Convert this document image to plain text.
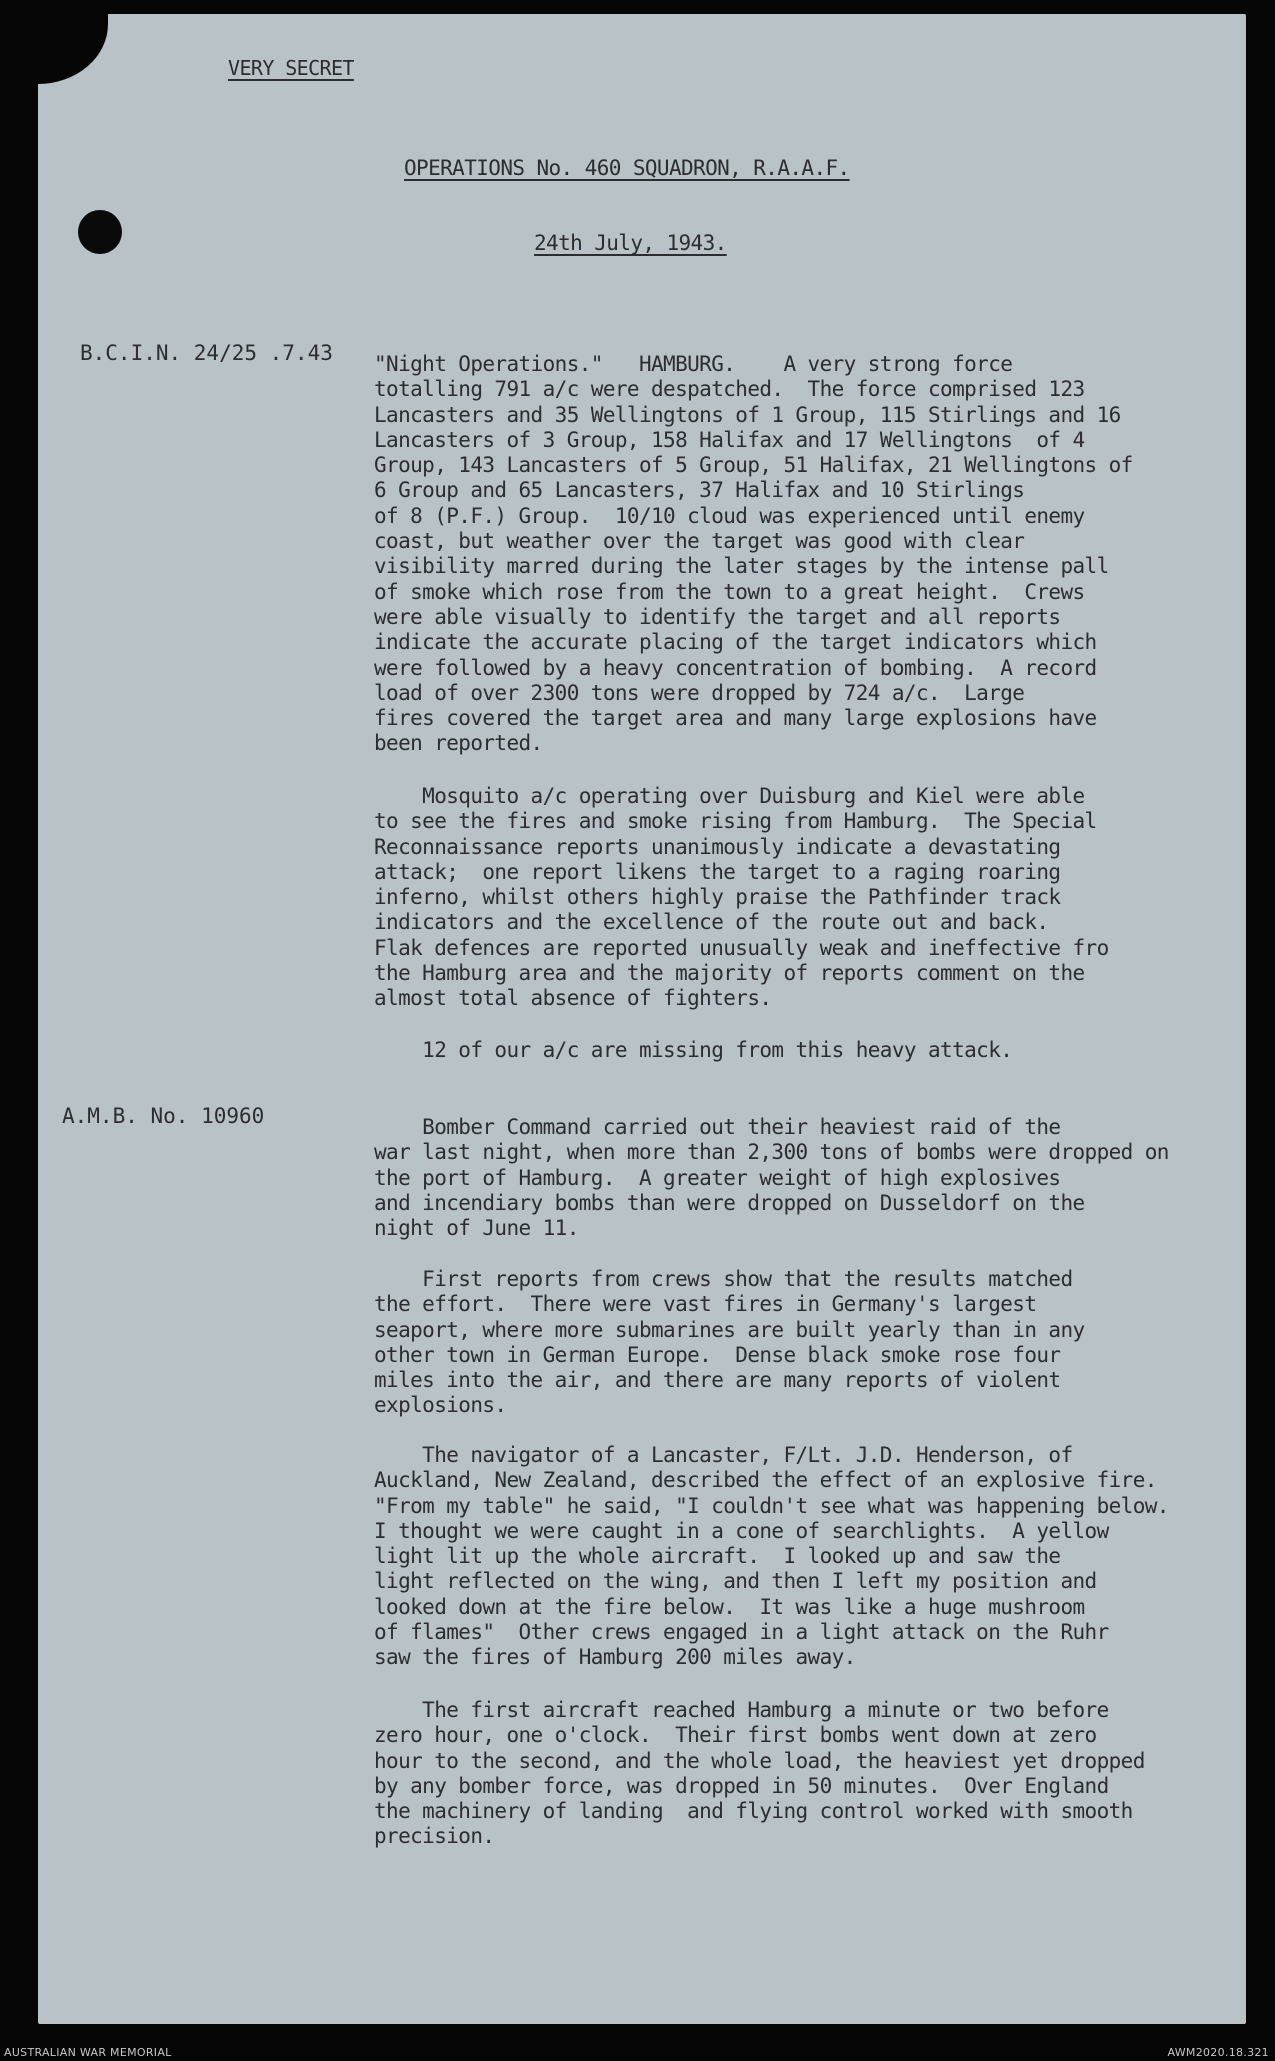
VERY SECRET
OPERATIONS No. 460 SQUADRON, R.A.A.F.
24th July, 1943.
B.C.I.N. 24/25 .7.43
A.M.B. No. 10960
"Night Operations."   HAMBURG.    A very strong force
totalling 791 a/c were despatched.  The force comprised 123
Lancasters and 35 Wellingtons of 1 Group, 115 Stirlings and 16
Lancasters of 3 Group, 158 Halifax and 17 Wellingtons  of 4
Group, 143 Lancasters of 5 Group, 51 Halifax, 21 Wellingtons of
6 Group and 65 Lancasters, 37 Halifax and 10 Stirlings
of 8 (P.F.) Group.  10/10 cloud was experienced until enemy
coast, but weather over the target was good with clear
visibility marred during the later stages by the intense pall
of smoke which rose from the town to a great height.  Crews
were able visually to identify the target and all reports
indicate the accurate placing of the target indicators which
were followed by a heavy concentration of bombing.  A record
load of over 2300 tons were dropped by 724 a/c.  Large
fires covered the target area and many large explosions have
been reported.
Mosquito a/c operating over Duisburg and Kiel were able
to see the fires and smoke rising from Hamburg.  The Special
Reconnaissance reports unanimously indicate a devastating
attack;  one report likens the target to a raging roaring
inferno, whilst others highly praise the Pathfinder track
indicators and the excellence of the route out and back.
Flak defences are reported unusually weak and ineffective fro
the Hamburg area and the majority of reports comment on the
almost total absence of fighters.
12 of our a/c are missing from this heavy attack.
Bomber Command carried out their heaviest raid of the
war last night, when more than 2,300 tons of bombs were dropped on
the port of Hamburg.  A greater weight of high explosives
and incendiary bombs than were dropped on Dusseldorf on the
night of June 11.
First reports from crews show that the results matched
the effort.  There were vast fires in Germany's largest
seaport, where more submarines are built yearly than in any
other town in German Europe.  Dense black smoke rose four
miles into the air, and there are many reports of violent
explosions.
The navigator of a Lancaster, F/Lt. J.D. Henderson, of
Auckland, New Zealand, described the effect of an explosive fire.
"From my table" he said, "I couldn't see what was happening below.
I thought we were caught in a cone of searchlights.  A yellow
light lit up the whole aircraft.  I looked up and saw the
light reflected on the wing, and then I left my position and
looked down at the fire below.  It was like a huge mushroom
of flames"  Other crews engaged in a light attack on the Ruhr
saw the fires of Hamburg 200 miles away.
The first aircraft reached Hamburg a minute or two before
zero hour, one o'clock.  Their first bombs went down at zero
hour to the second, and the whole load, the heaviest yet dropped
by any bomber force, was dropped in 50 minutes.  Over England
the machinery of landing  and flying control worked with smooth
precision.
AUSTRALIAN WAR MEMORIAL	AWM2020.18.321
